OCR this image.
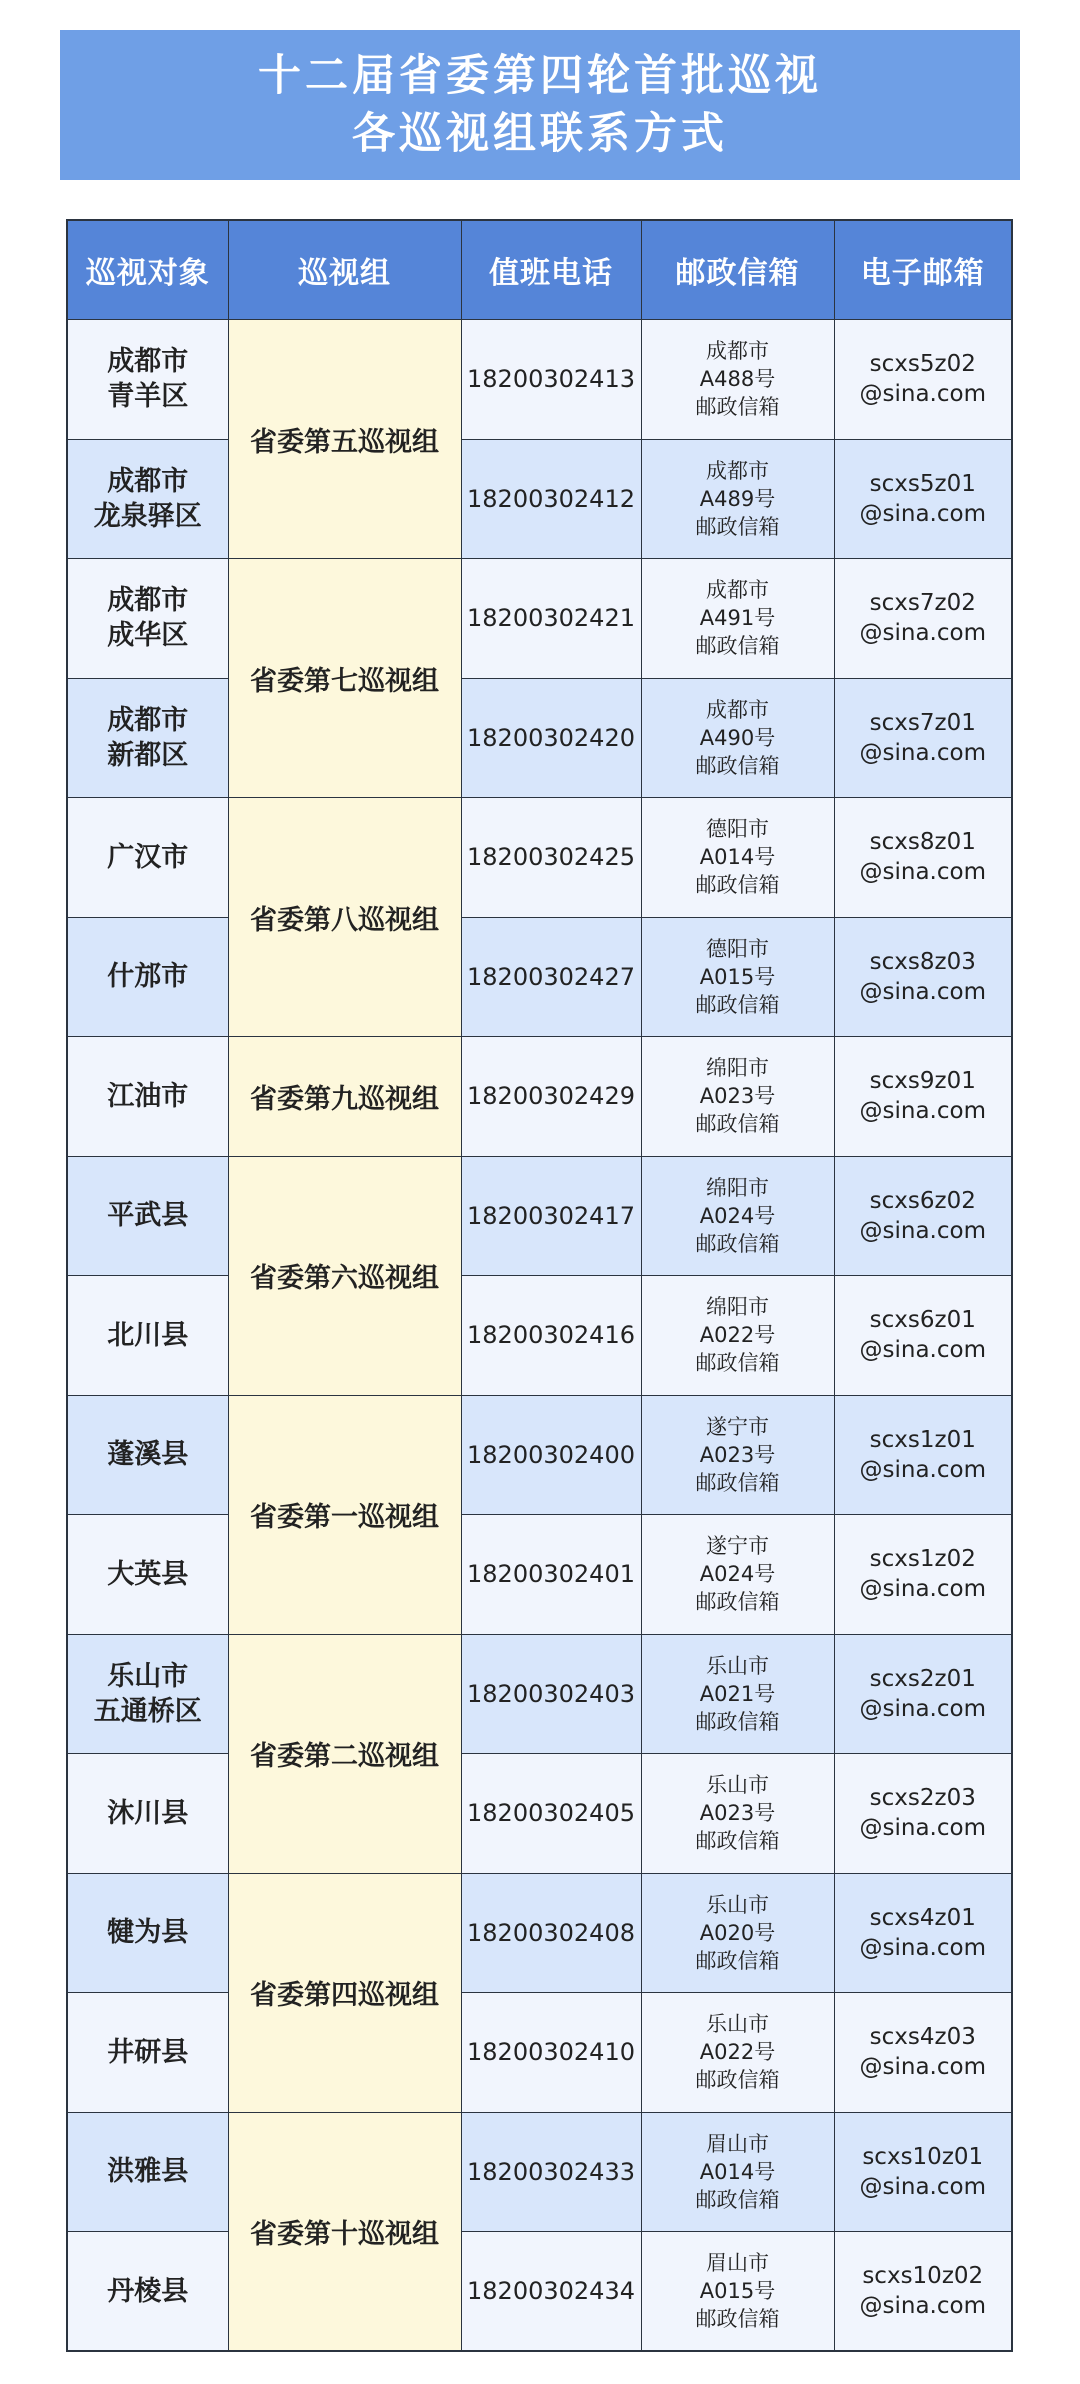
十二届省委第四轮首批巡视
各巡视组联系方式
巡视对象	巡视组	值班电话	邮政信箱	电子邮箱

成都市
青羊区	省委第五巡视组	18200302413	成都市
A488号
邮政信箱	scxs5z02
@sina.com

成都市
龙泉驿区		18200302412	成都市
A489号
邮政信箱	scxs5z01
@sina.com

成都市
成华区	省委第七巡视组	18200302421	成都市
A491号
邮政信箱	scxs7z02
@sina.com

成都市
新都区		18200302420	成都市
A490号
邮政信箱	scxs7z01
@sina.com

广汉市	省委第八巡视组	18200302425	德阳市
A014号
邮政信箱	scxs8z01
@sina.com

什邡市		18200302427	德阳市
A015号
邮政信箱	scxs8z03
@sina.com

江油市	省委第九巡视组	18200302429	绵阳市
A023号
邮政信箱	scxs9z01
@sina.com

平武县	省委第六巡视组	18200302417	绵阳市
A024号
邮政信箱	scxs6z02
@sina.com

北川县		18200302416	绵阳市
A022号
邮政信箱	scxs6z01
@sina.com

蓬溪县	省委第一巡视组	18200302400	遂宁市
A023号
邮政信箱	scxs1z01
@sina.com

大英县		18200302401	遂宁市
A024号
邮政信箱	scxs1z02
@sina.com

乐山市
五通桥区	省委第二巡视组	18200302403	乐山市
A021号
邮政信箱	scxs2z01
@sina.com

沐川县		18200302405	乐山市
A023号
邮政信箱	scxs2z03
@sina.com

犍为县	省委第四巡视组	18200302408	乐山市
A020号
邮政信箱	scxs4z01
@sina.com

井研县		18200302410	乐山市
A022号
邮政信箱	scxs4z03
@sina.com

洪雅县	省委第十巡视组	18200302433	眉山市
A014号
邮政信箱	scxs10z01
@sina.com

丹棱县		18200302434	眉山市
A015号
邮政信箱	scxs10z02
@sina.com
